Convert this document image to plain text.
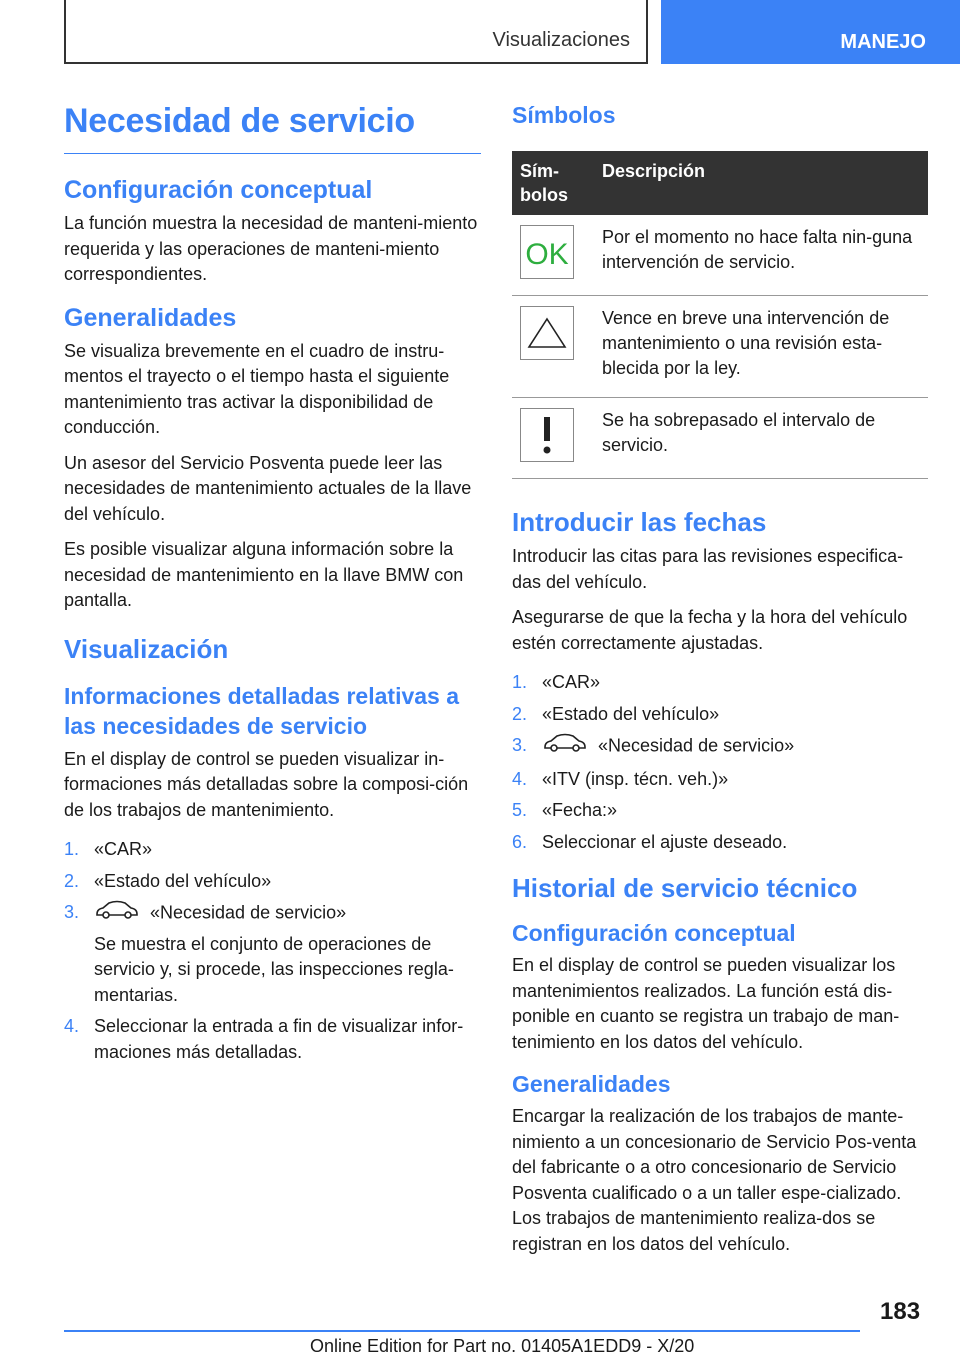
Visualizaciones	MANEJO
Necesidad de servicio
Configuración conceptual

La función muestra la necesidad de manteni-miento requerida y las operaciones de manteni-miento correspondientes.

Generalidades

Se visualiza brevemente en el cuadro de instru-mentos el trayecto o el tiempo hasta el siguiente mantenimiento tras activar la disponibilidad de conducción.

Un asesor del Servicio Posventa puede leer las necesidades de mantenimiento actuales de la llave del vehículo.

Es posible visualizar alguna información sobre la necesidad de mantenimiento en la llave BMW con pantalla.

Visualización
Informaciones detalladas relativas a las necesidades de servicio

En el display de control se pueden visualizar in-formaciones más detalladas sobre la composi-ción de los trabajos de mantenimiento.

1. «CAR»
2. «Estado del vehículo»
3.	«Necesidad de servicio»
Se muestra el conjunto de operaciones de servicio y, si procede, las inspecciones regla-mentarias.
4. Seleccionar la entrada a fin de visualizar infor-maciones más detalladas.
Símbolos
Sím-bolos	Descripción

OK	Por el momento no hace falta nin-guna intervención de servicio.

	Vence en breve una intervención de mantenimiento o una revisión esta-blecida por la ley.

	Se ha sobrepasado el intervalo de servicio.
Introducir las fechas

Introducir las citas para las revisiones especifica-das del vehículo.

Asegurarse de que la fecha y la hora del vehículo estén correctamente ajustadas.

1. «CAR»
2. «Estado del vehículo»
3.	«Necesidad de servicio»
4. «ITV (insp. técn. veh.)»
5. «Fecha:»
6. Seleccionar el ajuste deseado.
Historial de servicio técnico
Configuración conceptual

En el display de control se pueden visualizar los mantenimientos realizados. La función está dis-ponible en cuanto se registra un trabajo de man-tenimiento en los datos del vehículo.

Generalidades

Encargar la realización de los trabajos de mante-nimiento a un concesionario de Servicio Pos-venta del fabricante o a otro concesionario de Servicio Posventa cualificado o a un taller espe-cializado. Los trabajos de mantenimiento realiza-dos se registran en los datos del vehículo.

183
Online Edition for Part no. 01405A1EDD9 - X/20
